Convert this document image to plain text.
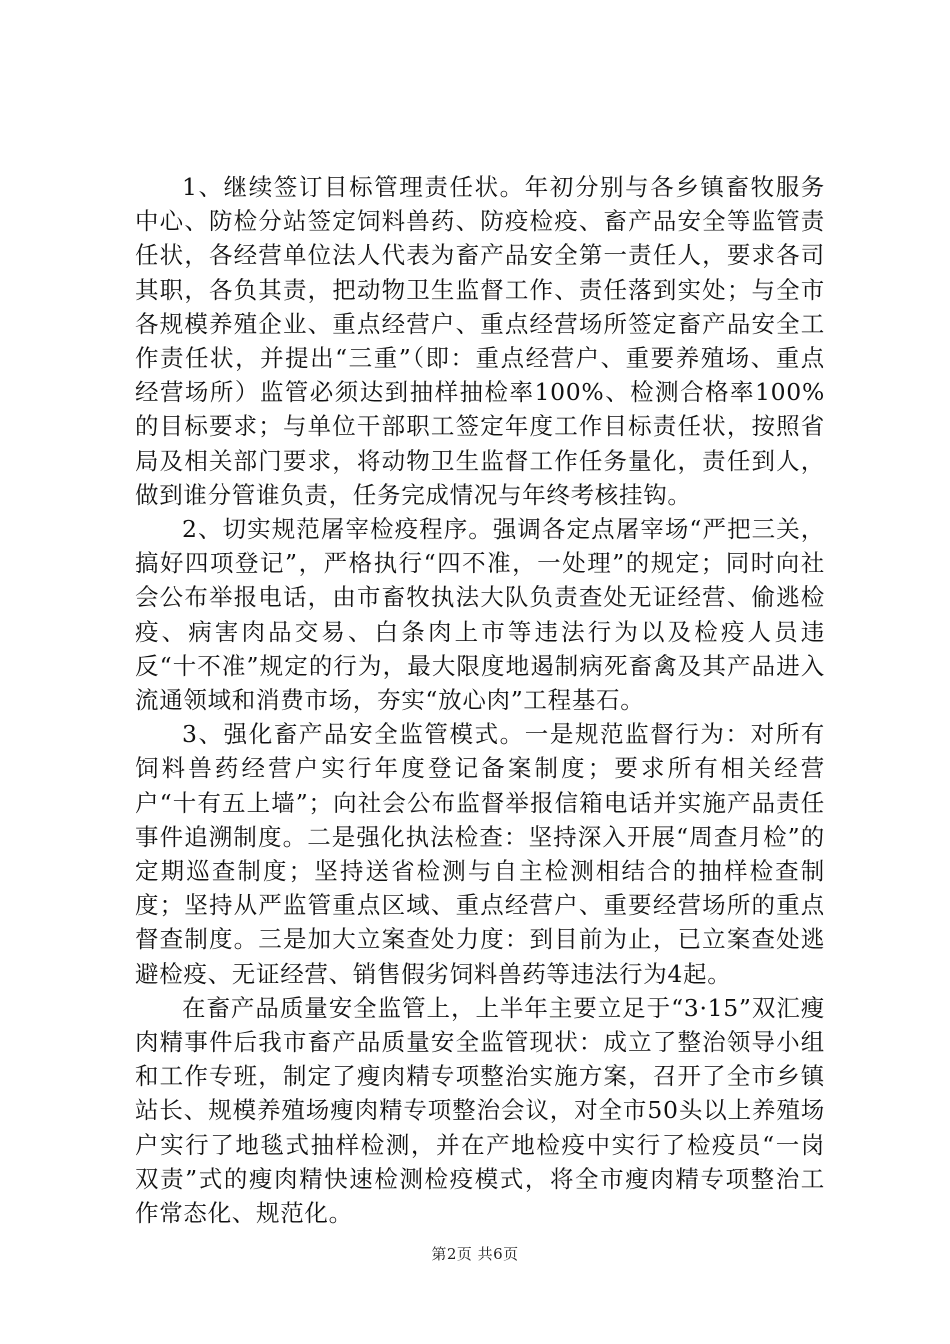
1、继续签订目标管理责任状。年初分别与各乡镇畜牧服务中心、防检分站签定饲料兽药、防疫检疫、畜产品安全等监管责任状，各经营单位法人代表为畜产品安全第一责任人，要求各司其职，各负其责，把动物卫生监督工作、责任落到实处；与全市各规模养殖企业、重点经营户、重点经营场所签定畜产品安全工作责任状，并提出“三重”（即：重点经营户、重要养殖场、重点经营场所）监管必须达到抽样抽检率100%、检测合格率100%的目标要求；与单位干部职工签定年度工作目标责任状，按照省局及相关部门要求，将动物卫生监督工作任务量化，责任到人，做到谁分管谁负责，任务完成情况与年终考核挂钩。

2、切实规范屠宰检疫程序。强调各定点屠宰场“严把三关，搞好四项登记”，严格执行“四不准，一处理”的规定；同时向社会公布举报电话，由市畜牧执法大队负责查处无证经营、偷逃检疫、病害肉品交易、白条肉上市等违法行为以及检疫人员违反“十不准”规定的行为，最大限度地遏制病死畜禽及其产品进入流通领域和消费市场，夯实“放心肉”工程基石。

3、强化畜产品安全监管模式。一是规范监督行为：对所有饲料兽药经营户实行年度登记备案制度；要求所有相关经营户“十有五上墙”；向社会公布监督举报信箱电话并实施产品责任事件追溯制度。二是强化执法检查：坚持深入开展“周查月检”的定期巡查制度；坚持送省检测与自主检测相结合的抽样检查制度；坚持从严监管重点区域、重点经营户、重要经营场所的重点督查制度。三是加大立案查处力度：到目前为止，已立案查处逃避检疫、无证经营、销售假劣饲料兽药等违法行为4起。

在畜产品质量安全监管上，上半年主要立足于“3·15”双汇瘦肉精事件后我市畜产品质量安全监管现状：成立了整治领导小组和工作专班，制定了瘦肉精专项整治实施方案，召开了全市乡镇站长、规模养殖场瘦肉精专项整治会议，对全市50头以上养殖场户实行了地毯式抽样检测，并在产地检疫中实行了检疫员“一岗双责”式的瘦肉精快速检测检疫模式，将全市瘦肉精专项整治工作常态化、规范化。

第2页 共6页
